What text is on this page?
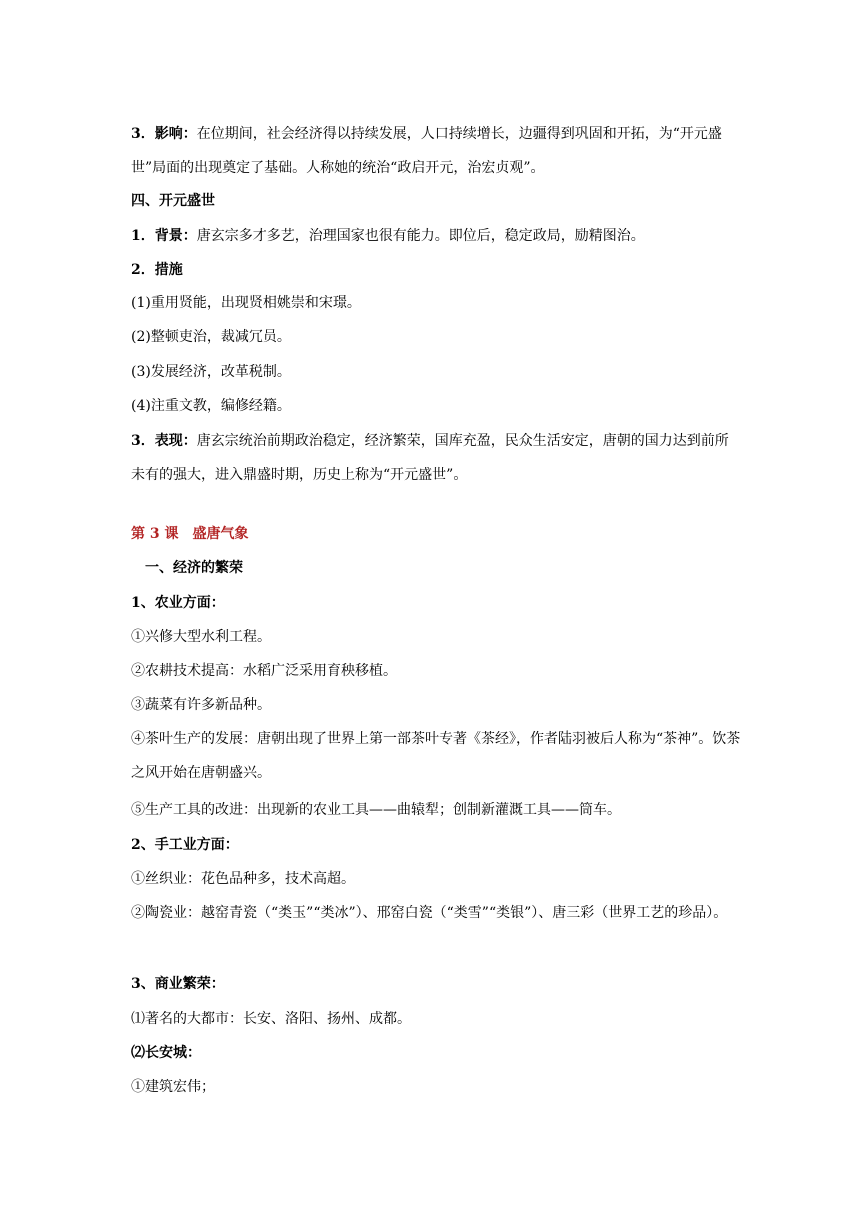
3．影响：在位期间，社会经济得以持续发展，人口持续增长，边疆得到巩固和开拓，为“开元盛世”局面的出现奠定了基础。人称她的统治“政启开元，治宏贞观”。
四、开元盛世
1．背景：唐玄宗多才多艺，治理国家也很有能力。即位后，稳定政局，励精图治。
2．措施
(1)重用贤能，出现贤相姚崇和宋璟。
(2)整顿吏治，裁减冗员。
(3)发展经济，改革税制。
(4)注重文教，编修经籍。
3．表现：唐玄宗统治前期政治稳定，经济繁荣，国库充盈，民众生活安定，唐朝的国力达到前所未有的强大，进入鼎盛时期，历史上称为“开元盛世”。
第 3 课　盛唐气象
一、经济的繁荣
1、农业方面：
①兴修大型水利工程。
②农耕技术提高：水稻广泛采用育秧移植。
③蔬菜有许多新品种。
④茶叶生产的发展：唐朝出现了世界上第一部茶叶专著《茶经》，作者陆羽被后人称为“茶神”。饮茶之风开始在唐朝盛兴。
⑤生产工具的改进：出现新的农业工具——曲辕犁；创制新灌溉工具——筒车。
2、手工业方面：
①丝织业：花色品种多，技术高超。
②陶瓷业：越窑青瓷（“类玉”“类冰”）、邢窑白瓷（“类雪”“类银”）、唐三彩（世界工艺的珍品）。
3、商业繁荣：
⑴著名的大都市：长安、洛阳、扬州、成都。
⑵长安城：
①建筑宏伟；
